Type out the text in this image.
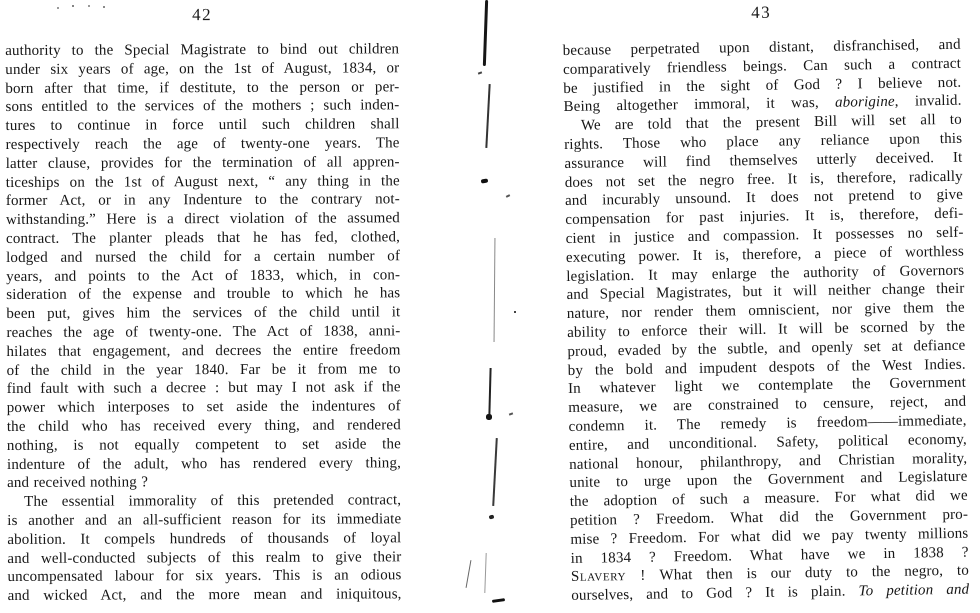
42
authority to the Special Magistrate to bind out children
under six years of age, on the 1st of August, 1834, or
born after that time, if destitute, to the person or per-
sons entitled to the services of the mothers ; such inden-
tures to continue in force until such children shall
respectively reach the age of twenty-one years. The
latter clause, provides for the termination of all appren-
ticeships on the 1st of August next, “ any thing in the
former Act, or in any Indenture to the contrary not-
withstanding.” Here is a direct violation of the assumed
contract. The planter pleads that he has fed, clothed,
lodged and nursed the child for a certain number of
years, and points to the Act of 1833, which, in con-
sideration of the expense and trouble to which he has
been put, gives him the services of the child until it
reaches the age of twenty-one. The Act of 1838, anni-
hilates that engagement, and decrees the entire freedom
of the child in the year 1840. Far be it from me to
find fault with such a decree : but may I not ask if the
power which interposes to set aside the indentures of
the child who has received every thing, and rendered
nothing, is not equally competent to set aside the
indenture of the adult, who has rendered every thing,
and received nothing ?
The essential immorality of this pretended contract,
is another and an all-sufficient reason for its immediate
abolition. It compels hundreds of thousands of loyal
and well-conducted subjects of this realm to give their
uncompensated labour for six years. This is an odious
and wicked Act, and the more mean and iniquitous,
43
because perpetrated upon distant, disfranchised, and
comparatively friendless beings. Can such a contract
be justified in the sight of God ? I believe not.
Being altogether immoral, it was, aborigine, invalid.
We are told that the present Bill will set all to
rights. Those who place any reliance upon this
assurance will find themselves utterly deceived. It
does not set the negro free. It is, therefore, radically
and incurably unsound. It does not pretend to give
compensation for past injuries. It is, therefore, defi-
cient in justice and compassion. It possesses no self-
executing power. It is, therefore, a piece of worthless
legislation. It may enlarge the authority of Governors
and Special Magistrates, but it will neither change their
nature, nor render them omniscient, nor give them the
ability to enforce their will. It will be scorned by the
proud, evaded by the subtle, and openly set at defiance
by the bold and impudent despots of the West Indies.
In whatever light we contemplate the Government
measure, we are constrained to censure, reject, and
condemn it. The remedy is freedom——immediate,
entire, and unconditional. Safety, political economy,
national honour, philanthropy, and Christian morality,
unite to urge upon the Government and Legislature
the adoption of such a measure. For what did we
petition ? Freedom. What did the Government pro-
mise ? Freedom. For what did we pay twenty millions
in 1834 ? Freedom. What have we in 1838 ?
Slavery ! What then is our duty to the negro, to
ourselves, and to God ? It is plain. To petition and
